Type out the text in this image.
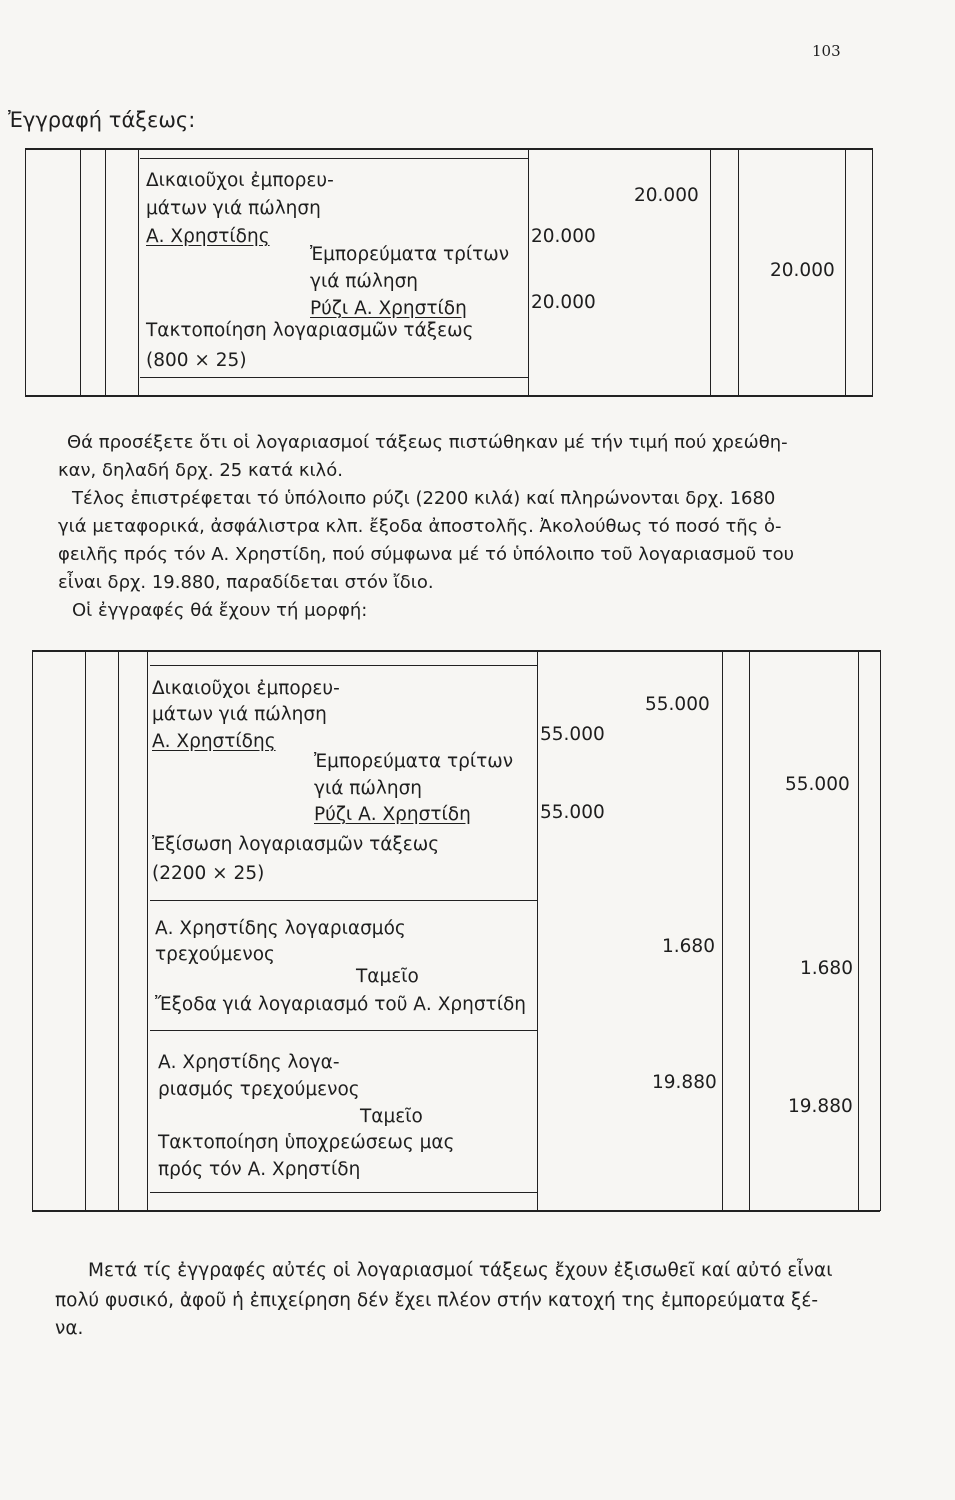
103
Ἐγγραφή τάξεως:
Δικαιοῦχοι ἐμπορευ-
μάτων γιά πώληση
Α. Χρηστίδης
Ἐμπορεύματα τρίτων
γιά πώληση
Ρύζι Α. Χρηστίδη
Τακτοποίηση λογαριασμῶν τάξεως
(800 × 25)
20.000
20.000
20.000
20.000
Θά προσέξετε ὅτι οἱ λογαριασμοί τάξεως πιστώθηκαν μέ τήν τιμή πού χρεώθη-
καν, δηλαδή δρχ. 25 κατά κιλό.
Τέλος ἐπιστρέφεται τό ὑπόλοιπο ρύζι (2200 κιλά) καί πληρώνονται δρχ. 1680
γιά μεταφορικά, ἀσφάλιστρα κλπ. ἔξοδα ἀποστολῆς. Ἀκολούθως τό ποσό τῆς ὀ-
φειλῆς πρός τόν Α. Χρηστίδη, πού σύμφωνα μέ τό ὑπόλοιπο τοῦ λογαριασμοῦ του
εἶναι δρχ. 19.880, παραδίδεται στόν ἴδιο.
Οἱ ἐγγραφές θά ἔχουν τή μορφή:
Δικαιοῦχοι ἐμπορευ-
μάτων γιά πώληση
Α. Χρηστίδης
Ἐμπορεύματα τρίτων
γιά πώληση
Ρύζι Α. Χρηστίδη
Ἐξίσωση λογαριασμῶν τάξεως
(2200 × 25)
55.000
55.000
55.000
55.000
Α. Χρηστίδης λογαριασμός
τρεχούμενος
Ταμεῖο
Ἔξοδα γιά λογαριασμό τοῦ Α. Χρηστίδη
1.680
1.680
Α. Χρηστίδης λογα-
ριασμός τρεχούμενος
Ταμεῖο
Τακτοποίηση ὑποχρεώσεως μας
πρός τόν Α. Χρηστίδη
19.880
19.880
Μετά τίς ἐγγραφές αὐτές οἱ λογαριασμοί τάξεως ἔχουν ἐξισωθεῖ καί αὐτό εἶναι
πολύ φυσικό, ἀφοῦ ἡ ἐπιχείρηση δέν ἔχει πλέον στήν κατοχή της ἐμπορεύματα ξέ-
να.
